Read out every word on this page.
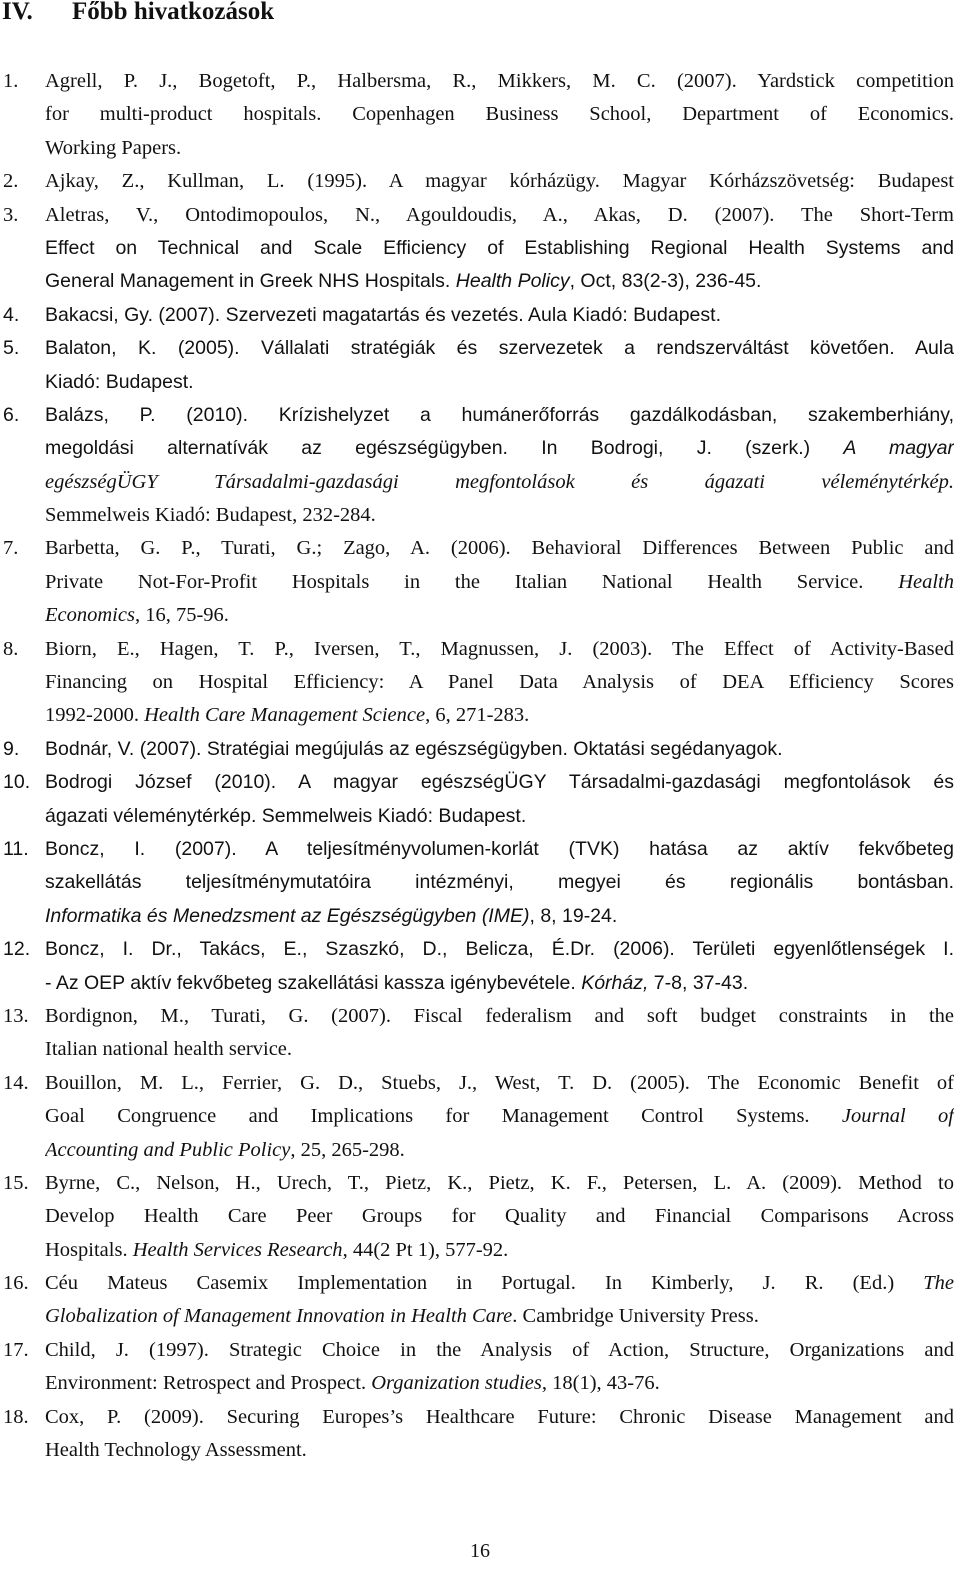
IV. Főbb hivatkozások
1. Agrell, P. J., Bogetoft, P., Halbersma, R., Mikkers, M. C. (2007). Yardstick competition
for multi-product hospitals. Copenhagen Business School, Department of Economics.
Working Papers.
2. Ajkay, Z., Kullman, L. (1995). A magyar kórházügy. Magyar Kórházszövetség: Budapest
3. Aletras, V., Ontodimopoulos, N., Agouldoudis, A., Akas, D. (2007). The Short-Term
Effect on Technical and Scale Efficiency of Establishing Regional Health Systems and
General Management in Greek NHS Hospitals. Health Policy, Oct, 83(2-3), 236-45.
4. Bakacsi, Gy. (2007). Szervezeti magatartás és vezetés. Aula Kiadó: Budapest.
5. Balaton, K. (2005). Vállalati stratégiák és szervezetek a rendszerváltást követően. Aula
Kiadó: Budapest.
6. Balázs, P. (2010). Krízishelyzet a humánerőforrás gazdálkodásban, szakemberhiány,
megoldási alternatívák az egészségügyben. In Bodrogi, J. (szerk.) A magyar
egészségÜGY Társadalmi-gazdasági megfontolások és ágazati véleménytérkép.
Semmelweis Kiadó: Budapest, 232-284.
7. Barbetta, G. P., Turati, G.; Zago, A. (2006). Behavioral Differences Between Public and
Private Not-For-Profit Hospitals in the Italian National Health Service. Health
Economics, 16, 75-96.
8. Biorn, E., Hagen, T. P., Iversen, T., Magnussen, J. (2003). The Effect of Activity-Based
Financing on Hospital Efficiency: A Panel Data Analysis of DEA Efficiency Scores
1992-2000. Health Care Management Science, 6, 271-283.
9. Bodnár, V. (2007). Stratégiai megújulás az egészségügyben. Oktatási segédanyagok.
10. Bodrogi József (2010). A magyar egészségÜGY Társadalmi-gazdasági megfontolások és
ágazati véleménytérkép. Semmelweis Kiadó: Budapest.
11. Boncz, I. (2007). A teljesítményvolumen-korlát (TVK) hatása az aktív fekvőbeteg
szakellátás teljesítménymutatóira intézményi, megyei és regionális bontásban.
Informatika és Menedzsment az Egészségügyben (IME), 8, 19-24.
12. Boncz, I. Dr., Takács, E., Szaszkó, D., Belicza, É.Dr. (2006). Területi egyenlőtlenségek I.
- Az OEP aktív fekvőbeteg szakellátási kassza igénybevétele. Kórház, 7-8, 37-43.
13. Bordignon, M., Turati, G. (2007). Fiscal federalism and soft budget constraints in the
Italian national health service.
14. Bouillon, M. L., Ferrier, G. D., Stuebs, J., West, T. D. (2005). The Economic Benefit of
Goal Congruence and Implications for Management Control Systems. Journal of
Accounting and Public Policy, 25, 265-298.
15. Byrne, C., Nelson, H., Urech, T., Pietz, K., Pietz, K. F., Petersen, L. A. (2009). Method to
Develop Health Care Peer Groups for Quality and Financial Comparisons Across
Hospitals. Health Services Research, 44(2 Pt 1), 577-92.
16. Céu Mateus Casemix Implementation in Portugal. In Kimberly, J. R. (Ed.) The
Globalization of Management Innovation in Health Care. Cambridge University Press.
17. Child, J. (1997). Strategic Choice in the Analysis of Action, Structure, Organizations and
Environment: Retrospect and Prospect. Organization studies, 18(1), 43-76.
18. Cox, P. (2009). Securing Europes’s Healthcare Future: Chronic Disease Management and
Health Technology Assessment.
16
